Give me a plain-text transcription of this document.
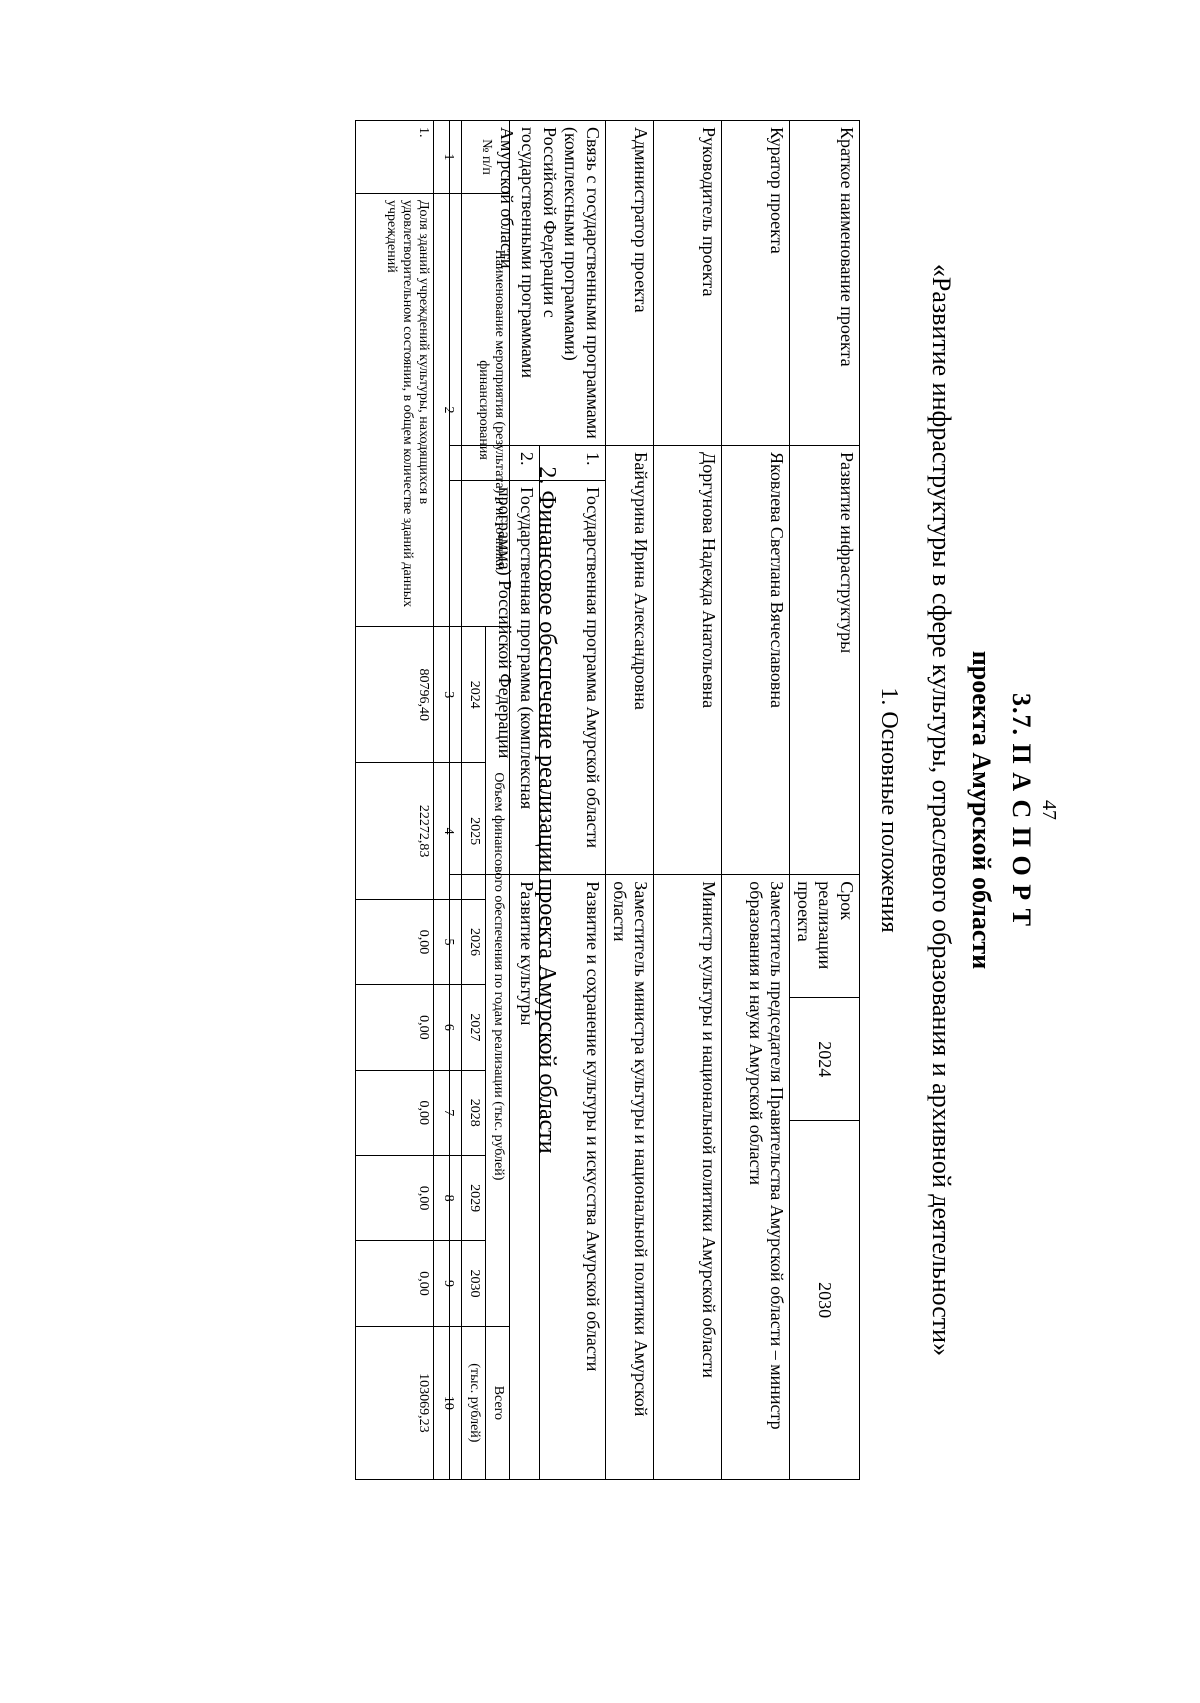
47
3.7. П А С П О Р Т
проекта Амурской области
«Развитие инфраструктуры в сфере культуры, отраслевого образования и архивной деятельности»
1. Основные положения
Краткое наименование проекта	Развитие инфраструктуры		Срок реализации проекта	2024	2030
Куратор проекта	Яковлева Светлана Вячеславовна		Заместитель председателя Правительства Амурской области – министр образования и науки Амурской области		
Руководитель проекта	Доргунова Надежда Анатольевна		Министр культуры и национальной политики Амурской области		
Администратор проекта	Байчурина Ирина Александровна		Заместитель министра культуры и национальной политики Амурской области		
Связь с государственными программами (комплексными программами) Российской Федерации с государственными программами Амурской области	1.	Государственная программа Амурской области	Развитие и сохранение культуры и искусства Амурской области		
	2.	Государственная программа (комплексная программа) Российской Федерации	Развитие культуры		
2. Финансовое обеспечение реализации проекта Амурской области
№ п/п	Наименование мероприятия (результата) и источники финансирования	Объем финансового обеспечения по годам реализации (тыс. рублей)							Всего
		2024	2025	2026	2027	2028	2029	2030	(тыс. рублей)
1	2	3	4	5	6	7	8	9	10
1.	Доля зданий учреждений культуры, находящихся в удовлетворительном состоянии, в общем количестве зданий данных учреждений	80796,40	22272,83	0,00	0,00	0,00	0,00	0,00	103069,23
